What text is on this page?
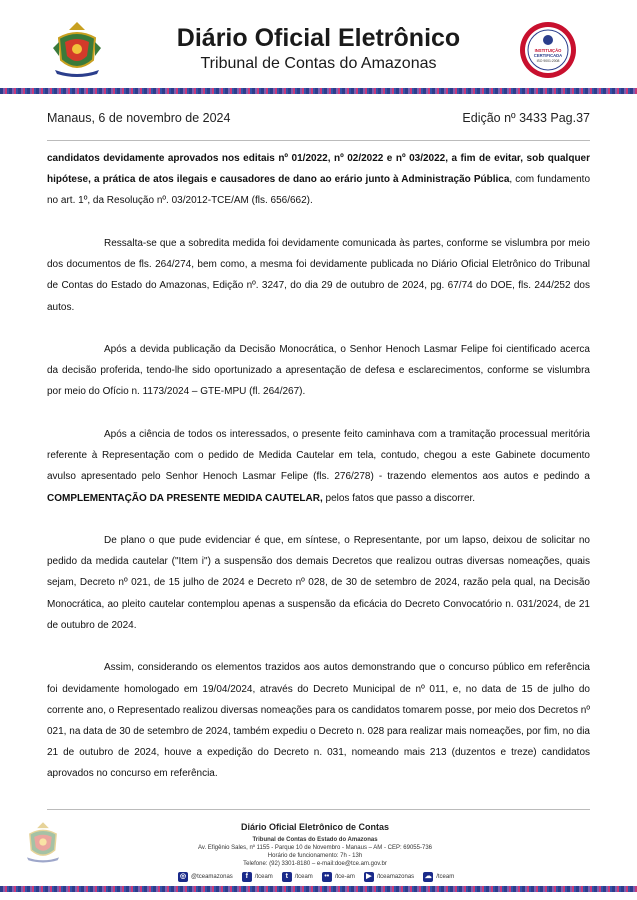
Diário Oficial Eletrônico
Tribunal de Contas do Amazonas
INSTITUIÇÃO
CERTIFICADA
ISO 9001:2008
Manaus, 6 de novembro de 2024	Edição nº 3433 Pag.37

candidatos devidamente aprovados nos editais nº 01/2022, nº 02/2022 e nº 03/2022, a fim de evitar, sob qualquer hipótese, a prática de atos ilegais e causadores de dano ao erário junto à Administração Pública, com fundamento no art. 1º, da Resolução nº. 03/2012-TCE/AM (fls. 656/662).

Ressalta-se que a sobredita medida foi devidamente comunicada às partes, conforme se vislumbra por meio dos documentos de fls. 264/274, bem como, a mesma foi devidamente publicada no Diário Oficial Eletrônico do Tribunal de Contas do Estado do Amazonas, Edição nº. 3247, do dia 29 de outubro de 2024, pg. 67/74 do DOE, fls. 244/252 dos autos.

Após a devida publicação da Decisão Monocrática, o Senhor Henoch Lasmar Felipe foi cientificado acerca da decisão proferida, tendo-lhe sido oportunizado a apresentação de defesa e esclarecimentos, conforme se vislumbra por meio do Ofício n. 1173/2024 – GTE-MPU (fl. 264/267).

Após a ciência de todos os interessados, o presente feito caminhava com a tramitação processual meritória referente à Representação com o pedido de Medida Cautelar em tela, contudo, chegou a este Gabinete documento avulso apresentado pelo Senhor Henoch Lasmar Felipe (fls. 276/278) - trazendo elementos aos autos e pedindo a COMPLEMENTAÇÃO DA PRESENTE MEDIDA CAUTELAR, pelos fatos que passo a discorrer.

De plano o que pude evidenciar é que, em síntese, o Representante, por um lapso, deixou de solicitar no pedido da medida cautelar ("Item i") a suspensão dos demais Decretos que realizou outras diversas nomeações, quais sejam, Decreto nº 021, de 15 julho de 2024 e Decreto nº 028, de 30 de setembro de 2024, razão pela qual, na Decisão Monocrática, ao pleito cautelar contemplou apenas a suspensão da eficácia do Decreto Convocatório n. 031/2024, de 21 de outubro de 2024.

Assim, considerando os elementos trazidos aos autos demonstrando que o concurso público em referência foi devidamente homologado em 19/04/2024, através do Decreto Municipal de nº 011, e, no data de 15 de julho do corrente ano, o Representado realizou diversas nomeações para os candidatos tomarem posse, por meio dos Decretos nº 021, na data de 30 de setembro de 2024, também expediu o Decreto n. 028 para realizar mais nomeações, por fim, no dia 21 de outubro de 2024, houve a expedição do Decreto n. 031, nomeando mais 213 (duzentos e treze) candidatos aprovados no concurso em referência.

Diário Oficial Eletrônico de Contas
Tribunal de Contas do Estado do Amazonas
Av. Efigênio Sales, nº 1155 - Parque 10 de Novembro - Manaus – AM - CEP: 69055-736
Horário de funcionamento: 7h - 13h
Telefone: (92) 3301-8180 – e-mail:doe@tce.am.gov.br
◎ @tceamazonas	f	/tceam	t	/tceam	•• /tce-am	▶ /tceamazonas ☁ /tceam
